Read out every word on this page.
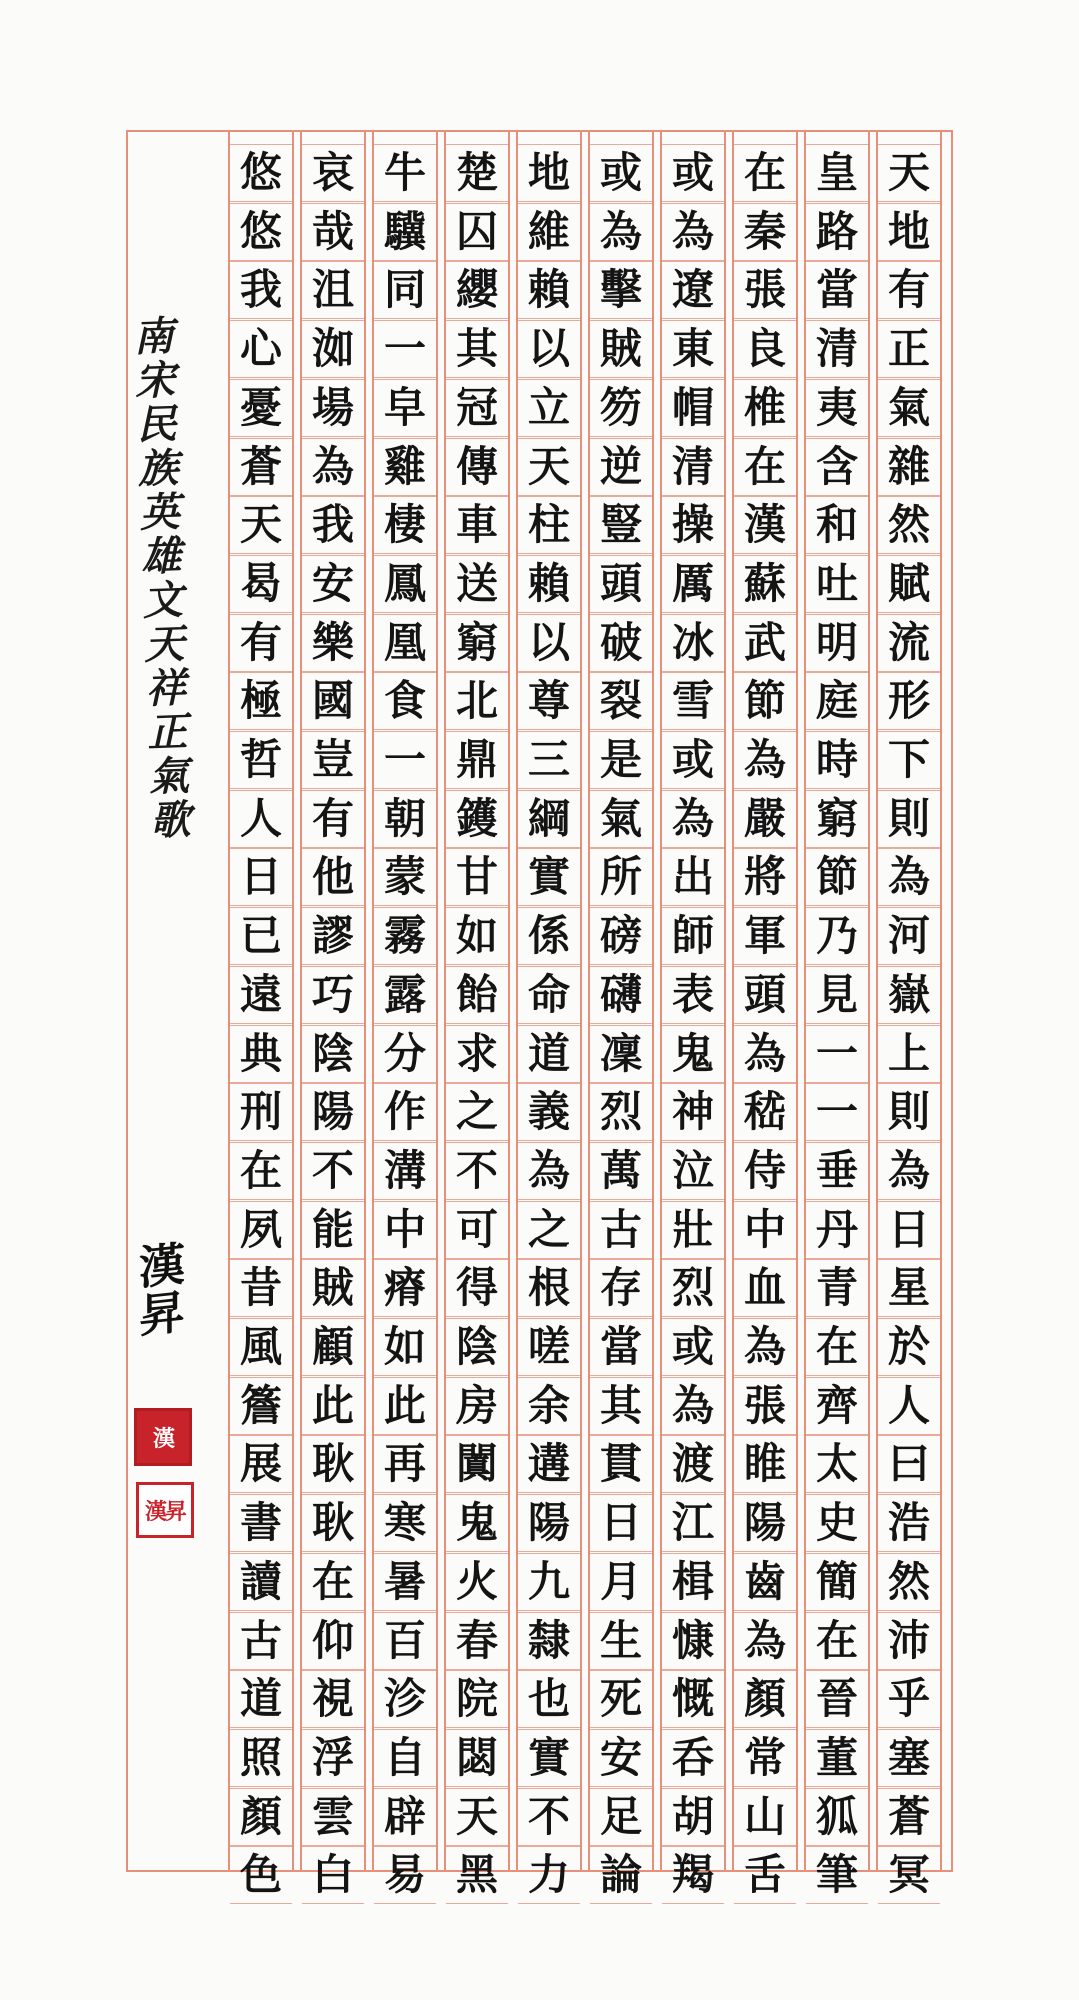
天
地
有
正
氣
雜
然
賦
流
形
下
則
為
河
嶽
上
則
為
日
星
於
人
曰
浩
然
沛
乎
塞
蒼
冥
皇
路
當
清
夷
含
和
吐
明
庭
時
窮
節
乃
見
一
一
垂
丹
青
在
齊
太
史
簡
在
晉
董
狐
筆
在
秦
張
良
椎
在
漢
蘇
武
節
為
嚴
將
軍
頭
為
嵇
侍
中
血
為
張
睢
陽
齒
為
顏
常
山
舌
或
為
遼
東
帽
清
操
厲
冰
雪
或
為
出
師
表
鬼
神
泣
壯
烈
或
為
渡
江
楫
慷
慨
呑
胡
羯
或
為
擊
賊
笏
逆
豎
頭
破
裂
是
氣
所
磅
礴
凜
烈
萬
古
存
當
其
貫
日
月
生
死
安
足
論
地
維
賴
以
立
天
柱
賴
以
尊
三
綱
實
係
命
道
義
為
之
根
嗟
余
遘
陽
九
隸
也
實
不
力
楚
囚
纓
其
冠
傳
車
送
窮
北
鼎
鑊
甘
如
飴
求
之
不
可
得
陰
房
闐
鬼
火
春
院
閟
天
黑
牛
驥
同
一
皁
雞
棲
鳳
凰
食
一
朝
蒙
霧
露
分
作
溝
中
瘠
如
此
再
寒
暑
百
沴
自
辟
易
哀
哉
沮
洳
場
為
我
安
樂
國
豈
有
他
謬
巧
陰
陽
不
能
賊
顧
此
耿
耿
在
仰
視
浮
雲
白
悠
悠
我
心
憂
蒼
天
曷
有
極
哲
人
日
已
遠
典
刑
在
夙
昔
風
簷
展
書
讀
古
道
照
顏
色
南
宋
民
族
英
雄
文
天
祥
正
氣
歌
漢
昇
漢
漢昇
